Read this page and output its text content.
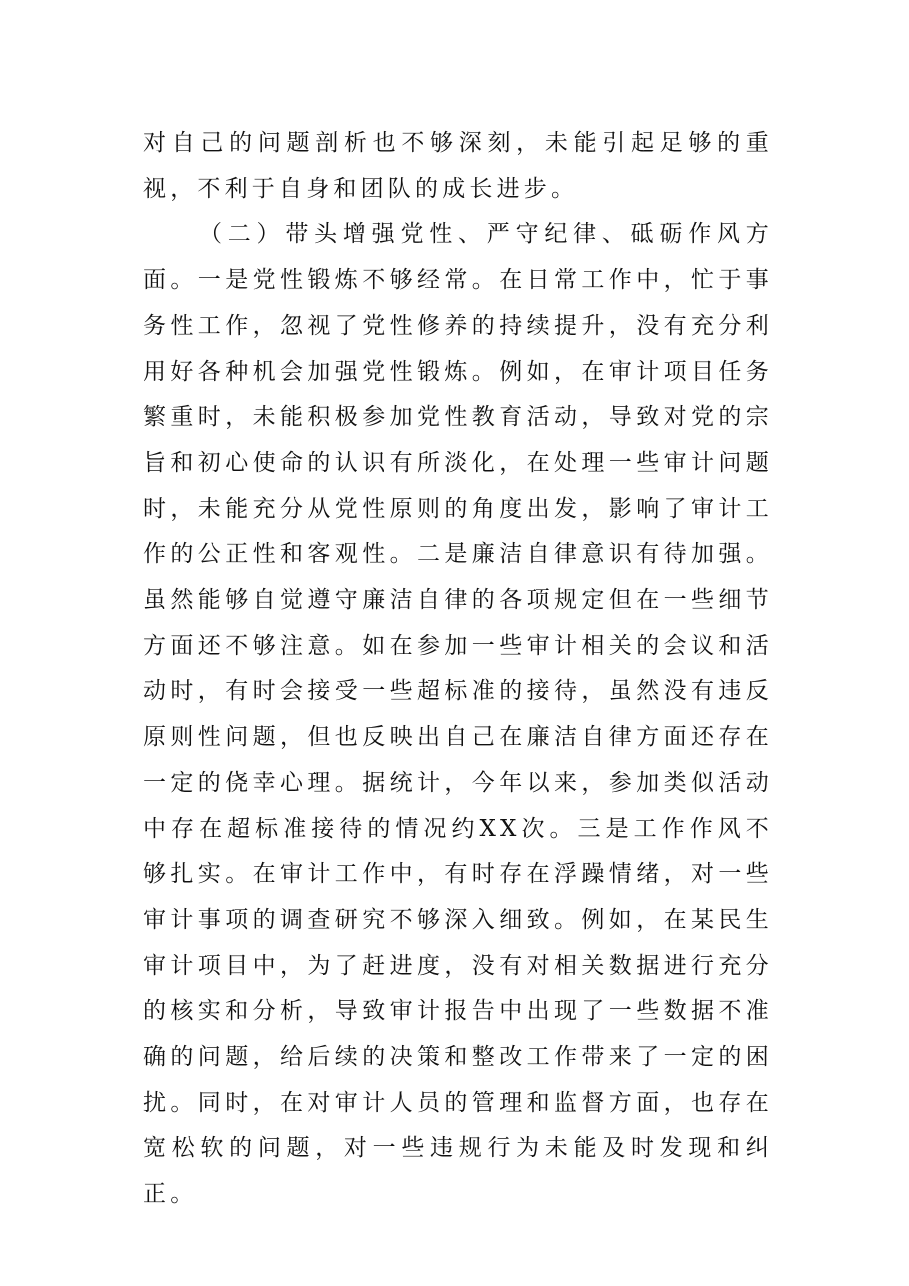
对自己的问题剖析也不够深刻，未能引起足够的重视，不利于自身和团队的成长进步。

（二）带头增强党性、严守纪律、砥砺作风方面。一是党性锻炼不够经常。在日常工作中，忙于事务性工作，忽视了党性修养的持续提升，没有充分利用好各种机会加强党性锻炼。例如，在审计项目任务繁重时，未能积极参加党性教育活动，导致对党的宗旨和初心使命的认识有所淡化，在处理一些审计问题时，未能充分从党性原则的角度出发，影响了审计工作的公正性和客观性。二是廉洁自律意识有待加强。虽然能够自觉遵守廉洁自律的各项规定但在一些细节方面还不够注意。如在参加一些审计相关的会议和活动时，有时会接受一些超标准的接待，虽然没有违反原则性问题，但也反映出自己在廉洁自律方面还存在一定的侥幸心理。据统计，今年以来，参加类似活动中存在超标准接待的情况约XX次。三是工作作风不够扎实。在审计工作中，有时存在浮躁情绪，对一些审计事项的调查研究不够深入细致。例如，在某民生审计项目中，为了赶进度，没有对相关数据进行充分的核实和分析，导致审计报告中出现了一些数据不准确的问题，给后续的决策和整改工作带来了一定的困扰。同时，在对审计人员的管理和监督方面，也存在宽松软的问题，对一些违规行为未能及时发现和纠正。
